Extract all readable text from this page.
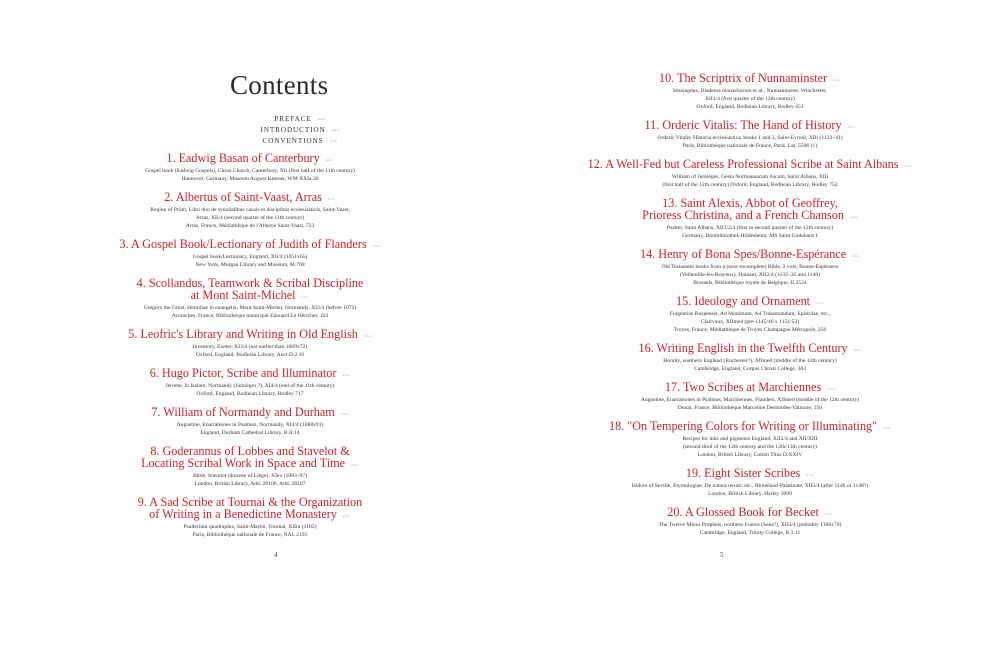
Contents
PREFACE ◦◦◦
INTRODUCTION ◦◦◦
CONVENTIONS ◦◦◦
1. Eadwig Basan of Canterbury ◦◦◦
Gospel book (Eadwig Gospels), Christ Church, Canterbury, XIi (first half of the 11th century)
Hannover, Germany, Museum August Kestner, WM XXIa.36
2. Albertus of Saint-Vaast, Arras ◦◦◦
Regino of Prüm, Libri duo de synodalibus causis et disciplinis ecclesiasticis, Saint-Vaast,
Arras, XIi/4 (second quarter of the 11th century)
Arras, France, Médiathèque de l'Abbaye Saint-Vaast, 723
3. A Gospel Book/Lectionary of Judith of Flanders ◦◦◦
Gospel book/Lectionary, England, XIi/4 (1051x65)
New York, Morgan Library and Museum, M.708
4. Scollandus, Teamwork & Scribal Discipline
at Mont Saint-Michel ◦◦◦
Gregory the Great, Homiliae in euangelia, Mont Saint-Michel, Normandy, XI3/4 (before 1072)
Avranches, France, Bibliothèque municipal Edouard Le Héricher, 103
5. Leofric's Library and Writing in Old English ◦◦◦
Inventory, Exeter, XI3/4 (not earlier than 1069x72)
Oxford, England, Bodleian Library, Auct.D.2.16
6. Hugo Pictor, Scribe and Illuminator ◦◦◦
Jerome, In Isaiam, Normandy (Jumièges ?), XI4/4 (end of the 11th century)
Oxford, England, Bodleian Library, Bodley 717
7. William of Normandy and Durham ◦◦◦
Augustine, Enarrationes in Psalmos, Normandy, XI4/4 (1088x91)
England, Durham Cathedral Library, B.II.14
8. Goderannus of Lobbes and Stavelot &
Locating Scribal Work in Space and Time ◦◦◦
Bible, Stavelot (diocese of Liège), XIex (1093–97)
London, British Library, Add. 28106, Add. 28107
9. A Sad Scribe at Tournai & the Organization
of Writing in a Benedictine Monastery ◦◦◦
Psalterium quadruplex, Saint-Martin, Tournai, XIIin (1105)
Paris, Bibliothèque nationale de France, NAL 2195
4
10. The Scriptrix of Nunnaminster ◦◦◦
Smaragdus, Diadema monachorum et al., Nunnaminster, Winchester,
XII1/4 (first quarter of the 12th century)
Oxford, England, Bodleian Library, Bodley 451
11. Orderic Vitalis: The Hand of History ◦◦◦
Orderic Vitalis, Historia ecclesiastica, books 1 and 2, Saint-Evroul, XIIi (1123–41)
Paris, Bibliothèque nationale de France, Paris, Lat. 5506 (1)
12. A Well-Fed but Careless Professional Scribe at Saint Albans ◦◦◦
William of Jumièges, Gesta Normannorum ducum, Saint Albans, XIIi
(first half of the 12th century) Oxford, England, Bodleian Library, Bodley 752
13. Saint Alexis, Abbot of Geoffrey,
Prioress Christina, and a French Chanson ◦◦◦
Psalter, Saint Albans, XII1/2/4 (first to second quarter of the 12th century)
Germany, Dombibliothek Hildesheim, MS Saint Godehard 1
14. Henry of Bona Spes/Bonne-Espérance ◦◦◦
Old Testament books from a (now-incomplete) Bible, 2 vols, Bonne-Espérance
(Vellereille-les-Brayeux), Hainaut, XII2/4 (1132–35 and 1140)
Brussels, Bibliothèque royale de Belgique, II.2524
15. Ideology and Ornament ◦◦◦
Fulgentius Ruspensis, Ad Monimum, Ad Trasamundum, Epistolae, etc.,
Clairvaux, XIImed (pre-1145/46 x 1151/52)
Troyes, France, Médiathèque de Troyes Champagne Métropole, 256
16. Writing English in the Twelfth Century ◦◦◦
Homily, southern England (Rochester?), XIImed (middle of the 12th century)
Cambridge, England, Corpus Christi College, 303
17. Two Scribes at Marchiennes ◦◦◦
Augustine, Enarrationes in Psalmos, Marchiennes, Flanders, XIImed (middle of the 12th century)
Douai, France, Bibliothèque Marceline Desbordes-Valmore, 250
18. "On Tempering Colors for Writing or Illuminating" ◦◦◦
Recipes for inks and pigments England, XII2/4 and XII/XIII
(second third of the 12th century and the 12th/13th century)
London, British Library, Cotton Titus D.XXIV
19. Eight Sister Scribes ◦◦◦
Isidore of Seville, Etymologiae; De natura rerum; etc., Rhineland-Palatinate, XII3/4 (after 1146 or 1148?)
London, British Library, Harley 3099
20. A Glossed Book for Becket ◦◦◦
The Twelve Minor Prophets, northern France (Sens?), XII3/4 (probably 1166x70)
Cambridge, England, Trinity College, B.3.11
5
